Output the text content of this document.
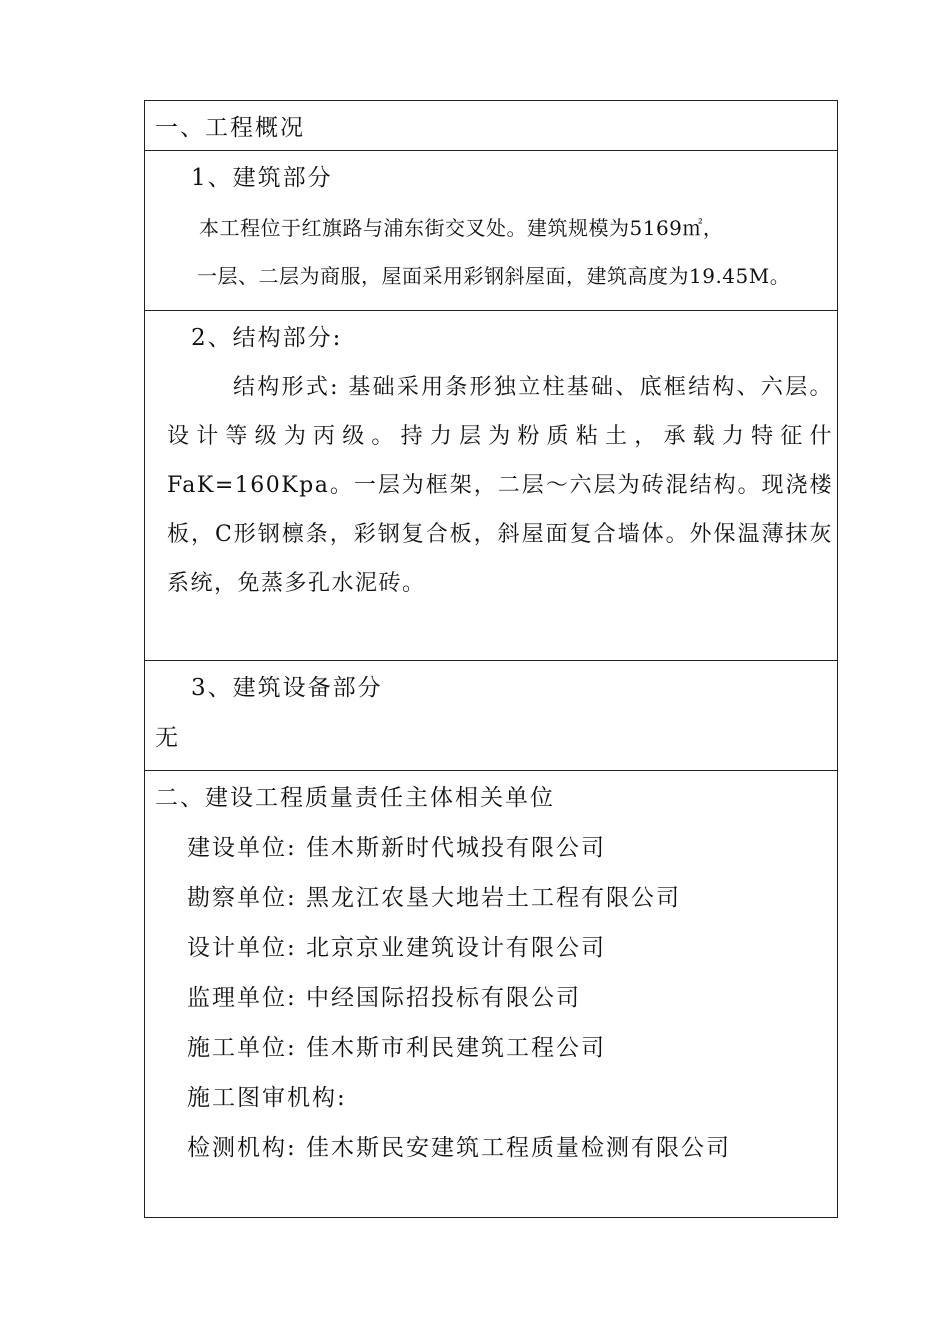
一、工程概况
1、建筑部分
本工程位于红旗路与浦东街交叉处。建筑规模为5169㎡，
一层、二层为商服，屋面采用彩钢斜屋面，建筑高度为19.45M。
2、结构部分:
结构形式: 基础采用条形独立柱基础、底框结构、六层。设计等级为丙级。持力层为粉质粘土，承载力特征什FaK=160Kpa。一层为框架，二层～六层为砖混结构。现浇楼板，C形钢檩条，彩钢复合板，斜屋面复合墙体。外保温薄抹灰系统，免蒸多孔水泥砖。
3、建筑设备部分
无
二、建设工程质量责任主体相关单位
建设单位: 佳木斯新时代城投有限公司
勘察单位: 黑龙江农垦大地岩土工程有限公司
设计单位: 北京京业建筑设计有限公司
监理单位: 中经国际招投标有限公司
施工单位: 佳木斯市利民建筑工程公司
施工图审机构:
检测机构: 佳木斯民安建筑工程质量检测有限公司
